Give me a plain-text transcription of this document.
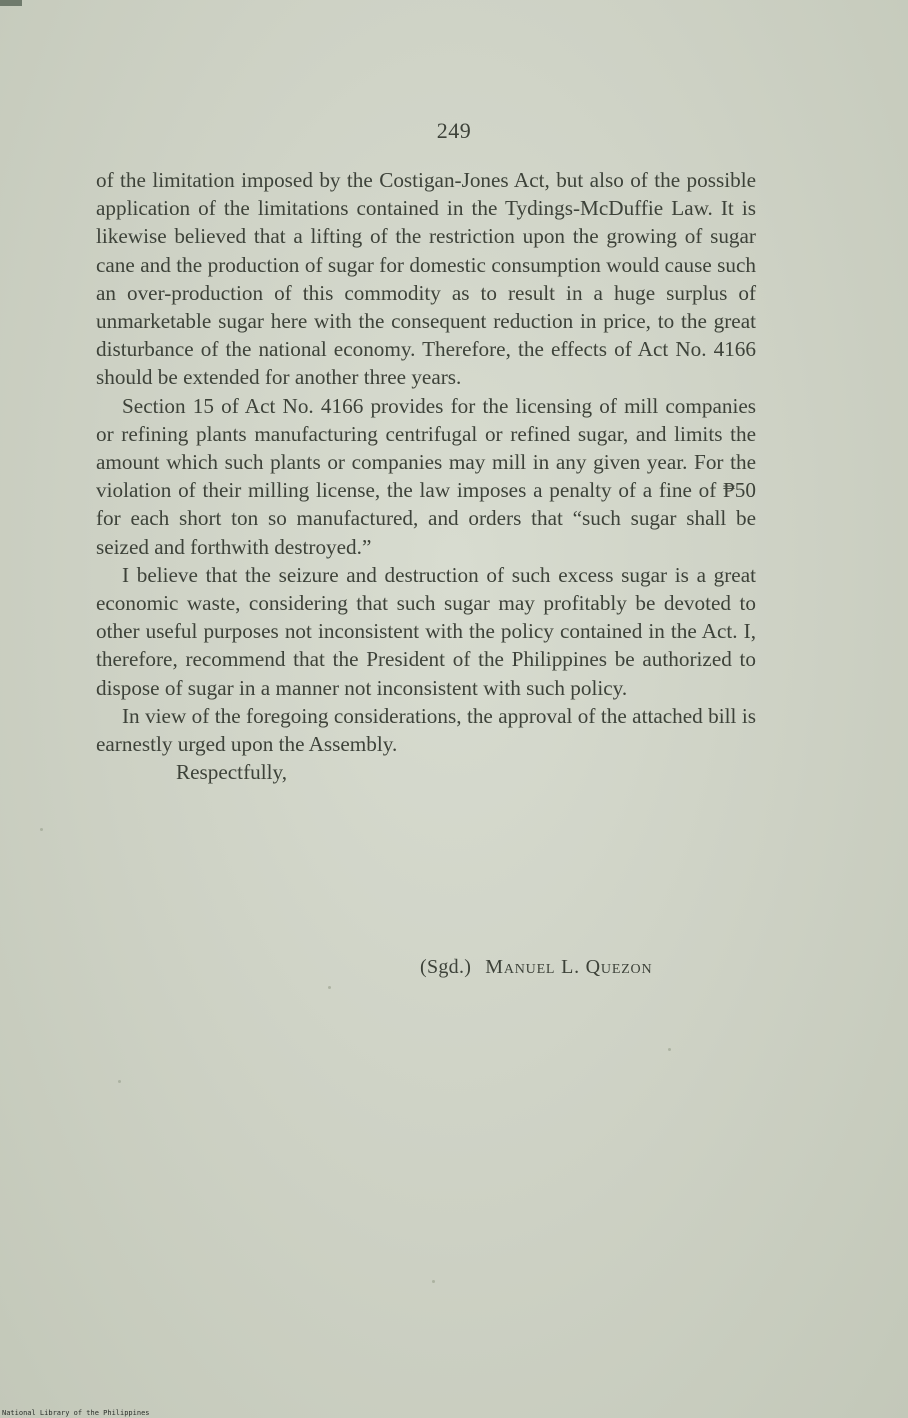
249

of the limitation imposed by the Costigan-Jones Act, but also of the possible application of the limitations contained in the Tydings-McDuffie Law. It is likewise believed that a lifting of the restriction upon the growing of sugar cane and the production of sugar for domestic consumption would cause such an over-production of this commodity as to result in a huge surplus of unmarketable sugar here with the consequent reduction in price, to the great disturbance of the national economy. Therefore, the effects of Act No. 4166 should be extended for another three years.

Section 15 of Act No. 4166 provides for the licensing of mill companies or refining plants manufacturing centrifugal or refined sugar, and limits the amount which such plants or companies may mill in any given year. For the violation of their milling license, the law imposes a penalty of a fine of ₱50 for each short ton so manufactured, and orders that “such sugar shall be seized and forthwith destroyed.”

I believe that the seizure and destruction of such excess sugar is a great economic waste, considering that such sugar may profitably be devoted to other useful purposes not inconsistent with the policy contained in the Act. I, therefore, recommend that the President of the Philippines be authorized to dispose of sugar in a manner not inconsistent with such policy.

In view of the foregoing considerations, the approval of the attached bill is earnestly urged upon the Assembly.

Respectfully,

(Sgd.) Manuel L. Quezon
National Library of the Philippines
